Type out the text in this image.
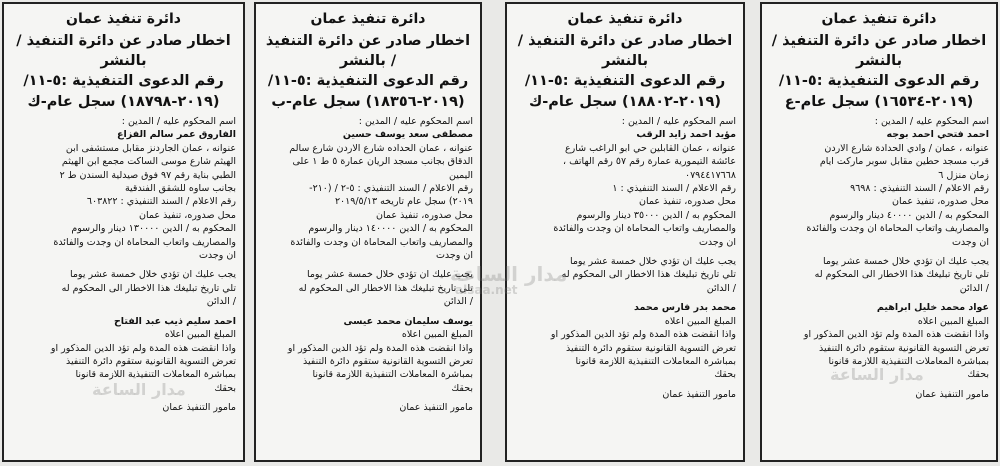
دائرة تنفيذ عمان
اخطار صادر عن دائرة التنفيذ / بالنشر
رقم الدعوى التنفيذية :٥-١١/
(٢٠١٩-١٨٧٩٨) سجل عام-ك

اسم المحكوم عليه / المدين :

الفاروق عمر سالم الفزاع

عنوانه ، عمان الجاردنز مقابل مستشفى ابن

الهيثم شارع موسى الساكت مجمع ابن الهيثم

الطبي بناية رقم ٩٧ فوق صيدلية السندن ط ٢

بجانب ساوه للشقق الفندقية

رقم الاعلام / السند التنفيذي : ٦٠٣٨٢٢

محل صدوره، تنفيذ عمان

المحكوم به / الدين ١٣٠٠٠٠ دينار والرسوم

والمصاريف واتعاب المحاماة ان وجدت والفائدة

ان وجدت

يجب عليك ان تؤدي خلال خمسة عشر يوما

تلي تاريخ تبليغك هذا الاخطار الى المحكوم له

/ الدائن

احمد سليم ذيب عبد الفتاح

المبلغ المبين اعلاه

واذا انقضت هذه المدة ولم تؤد الدين المذكور او

تعرض التسوية القانونية ستقوم دائرة التنفيذ

بمباشرة المعاملات التنفيذية اللازمة قانونا

بحقك

مامور التنفيذ عمان

دائرة تنفيذ عمان
اخطار صادر عن دائرة التنفيذ / بالنشر
رقم الدعوى التنفيذية :٥-١١/
(٢٠١٩-١٨٣٥٦) سجل عام-ب

اسم المحكوم عليه / المدين :

مصطفى سعد يوسف حسين

عنوانه ، عمان الحداده شارع الاردن شارع سالم

الدقاق بجانب مسجد الريان عمارة ٥ ط ١ على

اليمين

رقم الاعلام / السند التنفيذي : ٥-٢ / (٢١٠-

٢٠١٩) سجل عام تاريخه ٢٠١٩/٥/١٣

محل صدوره، تنفيذ عمان

المحكوم به / الدين ١٤٠٠٠٠ دينار والرسوم

والمصاريف واتعاب المحاماة ان وجدت والفائدة

ان وجدت

يجب عليك ان تؤدي خلال خمسة عشر يوما

تلي تاريخ تبليغك هذا الاخطار الى المحكوم له

/ الدائن

يوسف سليمان محمد عيسى

المبلغ المبين اعلاه

واذا انقضت هذه المدة ولم تؤد الدين المذكور او

تعرض التسوية القانونية ستقوم دائرة التنفيذ

بمباشرة المعاملات التنفيذية اللازمة قانونا

بحقك

مامور التنفيذ عمان

دائرة تنفيذ عمان
اخطار صادر عن دائرة التنفيذ / بالنشر
رقم الدعوى التنفيذية :٥-١١/
(٢٠١٩-١٨٨٠٢) سجل عام-ك

اسم المحكوم عليه / المدين :

مؤيد احمد زايد الرقب

عنوانه ، عمان القابلين حي ابو الراغب شارع

عائشة التيمورية عمارة رقم ٥٧ رقم الهاتف ،

٠٧٩٤٤١٧٦٦٨

رقم الاعلام / السند التنفيذي : ١

محل صدوره، تنفيذ عمان

المحكوم به / الدين ٣٥٠٠٠ دينار والرسوم

والمصاريف واتعاب المحاماة ان وجدت والفائدة

ان وجدت

يجب عليك ان تؤدي خلال خمسة عشر يوما

تلي تاريخ تبليغك هذا الاخطار الى المحكوم له

/ الدائن

محمد بدر فارس محمد

المبلغ المبين اعلاه

واذا انقضت هذه المدة ولم تؤد الدين المذكور او

تعرض التسوية القانونية ستقوم دائرة التنفيذ

بمباشرة المعاملات التنفيذية اللازمة قانونا

بحقك

مامور التنفيذ عمان

دائرة تنفيذ عمان
اخطار صادر عن دائرة التنفيذ / بالنشر
رقم الدعوى التنفيذية :٥-١١/
(٢٠١٩-١٦٥٣٤) سجل عام-ع

اسم المحكوم عليه / المدين :

احمد فتحي احمد بوجه

عنوانه ، عمان / وادي الحدادة شارع الاردن

قرب مسجد حطين مقابل سوبر ماركت ايام

زمان منزل ٦

رقم الاعلام / السند التنفيذي : ٩٦٩٨

محل صدوره، تنفيذ عمان

المحكوم به / الدين ٤٠٠٠٠ دينار والرسوم

والمصاريف واتعاب المحاماة ان وجدت والفائدة

ان وجدت

يجب عليك ان تؤدي خلال خمسة عشر يوما

تلي تاريخ تبليغك هذا الاخطار الى المحكوم له

/ الدائن

عواد محمد خليل ابراهيم

المبلغ المبين اعلاه

واذا انقضت هذه المدة ولم تؤد الدين المذكور او

تعرض التسوية القانونية ستقوم دائرة التنفيذ

بمباشرة المعاملات التنفيذية اللازمة قانونا

بحقك

مامور التنفيذ عمان

مدار الساعة
alsaa.net
مدار الساعة
مدار الساعة
